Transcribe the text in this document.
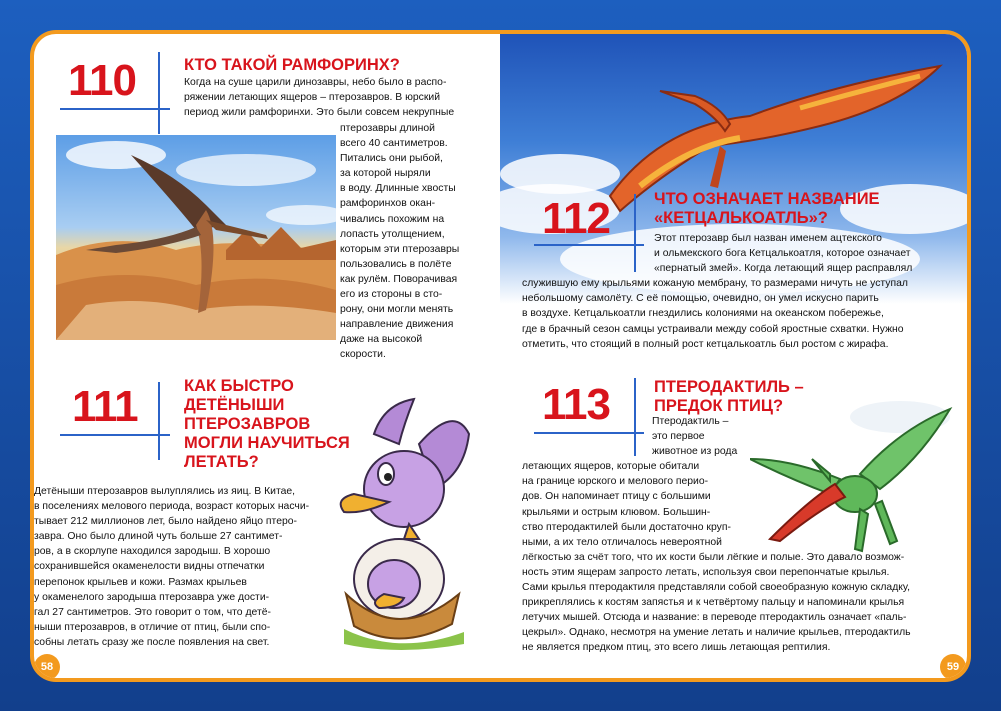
110	КТО ТАКОЙ РАМФОРИНХ?
Когда на суше царили динозавры, небо было в распо-
ряжении летающих ящеров – птерозавров. В юрский
период жили рамфоринхи. Это были совсем некрупные
птерозавры длиной
всего 40 сантиметров.
Питались они рыбой,
за которой ныряли
в воду. Длинные хвосты
рамфоринхов окан-
чивались похожим на
лопасть утолщением,
которым эти птерозавры
пользовались в полёте
как рулём. Поворачивая
его из стороны в сто-
рону, они могли менять
направление движения
даже на высокой
скорости.
111	КАК БЫСТРО
ДЕТЁНЫШИ
ПТЕРОЗАВРОВ
МОГЛИ НАУЧИТЬСЯ
ЛЕТАТЬ?
Детёныши птерозавров вылуплялись из яиц. В Китае,
в поселениях мелового периода, возраст которых насчи-
тывает 212 миллионов лет, было найдено яйцо птеро-
завра. Оно было длиной чуть больше 27 сантимет-
ров, а в скорлупе находился зародыш. В хорошо
сохранившейся окаменелости видны отпечатки
перепонок крыльев и кожи. Размах крыльев
у окаменелого зародыша птерозавра уже дости-
гал 27 сантиметров. Это говорит о том, что детё-
ныши птерозавров, в отличие от птиц, были спо-
собны летать сразу же после появления на свет.
58
112	ЧТО ОЗНАЧАЕТ НАЗВАНИЕ
«КЕТЦАЛЬКОАТЛЬ»?
Этот птерозавр был назван именем ацтекского
и ольмекского бога Кетцалькоатля, которое означает
«пернатый змей». Когда летающий ящер расправлял
служившую ему крыльями кожаную мембрану, то размерами ничуть не уступал
небольшому самолёту. С её помощью, очевидно, он умел искусно парить
в воздухе. Кетцалькоатли гнездились колониями на океанском побережье,
где в брачный сезон самцы устраивали между собой яростные схватки. Нужно
отметить, что стоящий в полный рост кетцалькоатль был ростом с жирафа.
113	ПТЕРОДАКТИЛЬ –
ПРЕДОК ПТИЦ?
Птеродактиль –
это первое
животное из рода
летающих ящеров, которые обитали
на границе юрского и мелового перио-
дов. Он напоминает птицу с большими
крыльями и острым клювом. Большин-
ство птеродактилей были достаточно круп-
ными, а их тело отличалось невероятной
лёгкостью за счёт того, что их кости были лёгкие и полые. Это давало возмож-
ность этим ящерам запросто летать, используя свои перепончатые крылья.
Сами крылья птеродактиля представляли собой своеобразную кожную складку,
прикреплялись к костям запястья и к четвёртому пальцу и напоминали крылья
летучих мышей. Отсюда и название: в переводе птеродактиль означает «паль-
цекрыл». Однако, несмотря на умение летать и наличие крыльев, птеродактиль
не является предком птиц, это всего лишь летающая рептилия.
59
